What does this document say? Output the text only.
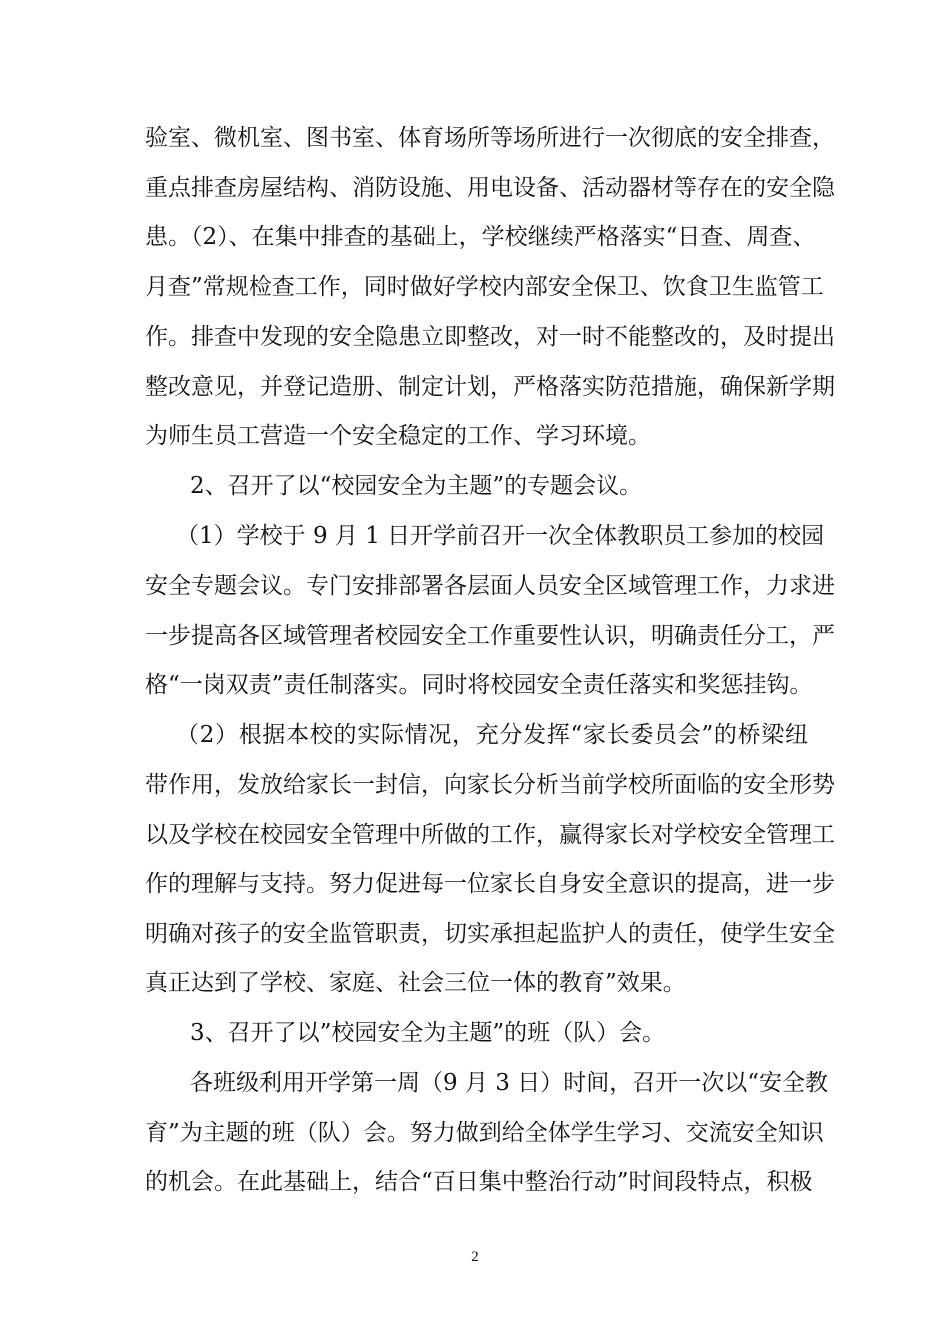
验室、微机室、图书室、体育场所等场所进行一次彻底的安全排查，
重点排查房屋结构、消防设施、用电设备、活动器材等存在的安全隐
患。（2）、在集中排查的基础上，学校继续严格落实“日查、周查、
月查”常规检查工作，同时做好学校内部安全保卫、饮食卫生监管工
作。排查中发现的安全隐患立即整改，对一时不能整改的，及时提出
整改意见，并登记造册、制定计划，严格落实防范措施，确保新学期
为师生员工营造一个安全稳定的工作、学习环境。
2、召开了以“校园安全为主题”的专题会议。
（1）学校于 9 月 1 日开学前召开一次全体教职员工参加的校园
安全专题会议。专门安排部署各层面人员安全区域管理工作，力求进
一步提高各区域管理者校园安全工作重要性认识，明确责任分工，严
格“一岗双责”责任制落实。同时将校园安全责任落实和奖惩挂钩。
（2）根据本校的实际情况，充分发挥“家长委员会”的桥梁纽
带作用，发放给家长一封信，向家长分析当前学校所面临的安全形势
以及学校在校园安全管理中所做的工作，赢得家长对学校安全管理工
作的理解与支持。努力促进每一位家长自身安全意识的提高，进一步
明确对孩子的安全监管职责，切实承担起监护人的责任，使学生安全
真正达到了学校、家庭、社会三位一体的教育”效果。
3、召开了以”校园安全为主题”的班（队）会。
各班级利用开学第一周（9 月 3 日）时间，召开一次以“安全教
育”为主题的班（队）会。努力做到给全体学生学习、交流安全知识
的机会。在此基础上，结合“百日集中整治行动”时间段特点，积极
2
